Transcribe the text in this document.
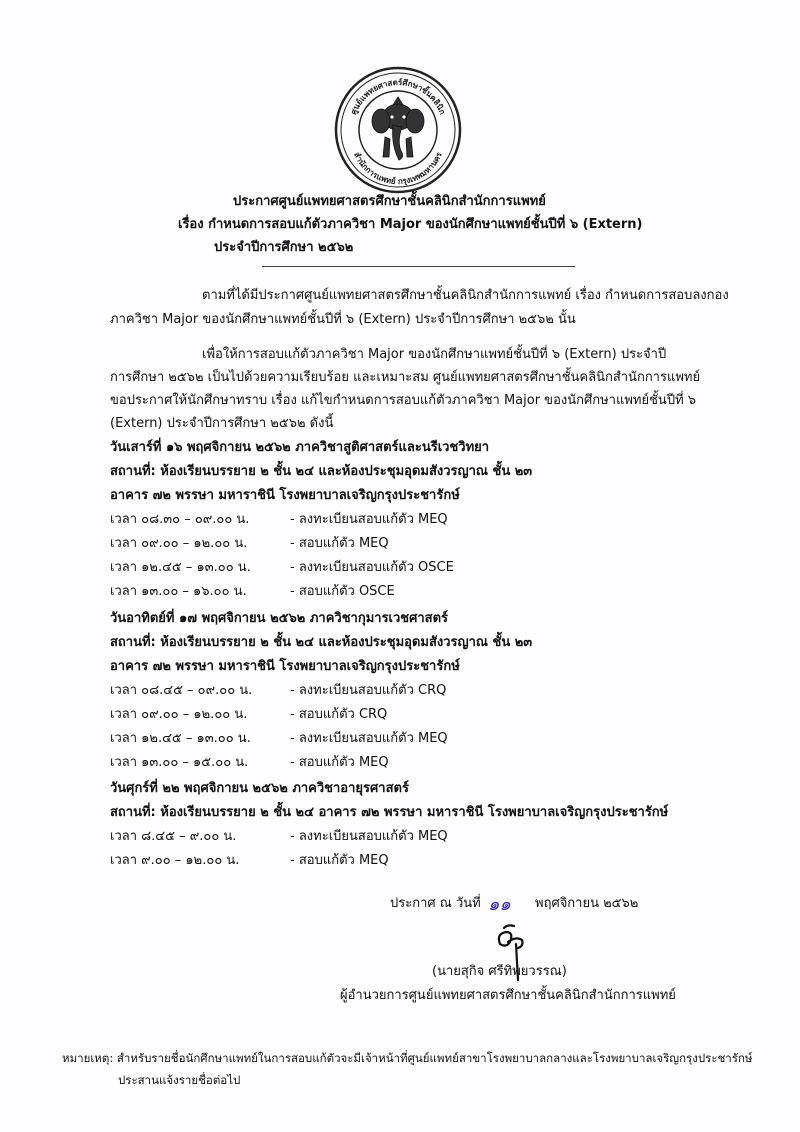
ศูนย์แพทยศาสตร์ศึกษาชั้นคลินิก
สำนักการแพทย์ กรุงเทพมหานคร
ประกาศศูนย์แพทยศาสตรศึกษาชั้นคลินิกสำนักการแพทย์
เรื่อง กำหนดการสอบแก้ตัวภาควิชา Major ของนักศึกษาแพทย์ชั้นปีที่ ๖ (Extern)
ประจำปีการศึกษา ๒๕๖๒
ตามที่ได้มีประกาศศูนย์แพทยศาสตรศึกษาชั้นคลินิกสำนักการแพทย์ เรื่อง กำหนดการสอบลงกอง
ภาควิชา Major ของนักศึกษาแพทย์ชั้นปีที่ ๖ (Extern) ประจำปีการศึกษา ๒๕๖๒ นั้น
เพื่อให้การสอบแก้ตัวภาควิชา Major ของนักศึกษาแพทย์ชั้นปีที่ ๖ (Extern) ประจำปี
การศึกษา ๒๕๖๒ เป็นไปด้วยความเรียบร้อย และเหมาะสม ศูนย์แพทยศาสตรศึกษาชั้นคลินิกสำนักการแพทย์
ขอประกาศให้นักศึกษาทราบ เรื่อง แก้ไขกำหนดการสอบแก้ตัวภาควิชา Major ของนักศึกษาแพทย์ชั้นปีที่ ๖
(Extern) ประจำปีการศึกษา ๒๕๖๒ ดังนี้
วันเสาร์ที่ ๑๖ พฤศจิกายน ๒๕๖๒ ภาควิชาสูติศาสตร์และนรีเวชวิทยา
สถานที่: ห้องเรียนบรรยาย ๒ ชั้น ๒๔ และห้องประชุมอุดมสังวรญาณ ชั้น ๒๓
อาคาร ๗๒ พรรษา มหาราชินี โรงพยาบาลเจริญกรุงประชารักษ์
เวลา ๐๘.๓๐ – ๐๙.๐๐ น.	- ลงทะเบียนสอบแก้ตัว MEQ
เวลา ๐๙.๐๐ – ๑๒.๐๐ น.	- สอบแก้ตัว MEQ
เวลา ๑๒.๔๕ – ๑๓.๐๐ น.	- ลงทะเบียนสอบแก้ตัว OSCE
เวลา ๑๓.๐๐ – ๑๖.๐๐ น.	- สอบแก้ตัว OSCE
วันอาทิตย์ที่ ๑๗ พฤศจิกายน ๒๕๖๒ ภาควิชากุมารเวชศาสตร์
สถานที่: ห้องเรียนบรรยาย ๒ ชั้น ๒๔ และห้องประชุมอุดมสังวรญาณ ชั้น ๒๓
อาคาร ๗๒ พรรษา มหาราชินี โรงพยาบาลเจริญกรุงประชารักษ์
เวลา ๐๘.๔๕ – ๐๙.๐๐ น.	- ลงทะเบียนสอบแก้ตัว CRQ
เวลา ๐๙.๐๐ – ๑๒.๐๐ น.	- สอบแก้ตัว CRQ
เวลา ๑๒.๔๕ – ๑๓.๐๐ น.	- ลงทะเบียนสอบแก้ตัว MEQ
เวลา ๑๓.๐๐ – ๑๕.๐๐ น.	- สอบแก้ตัว MEQ
วันศุกร์ที่ ๒๒ พฤศจิกายน ๒๕๖๒ ภาควิชาอายุรศาสตร์
สถานที่: ห้องเรียนบรรยาย ๒ ชั้น ๒๔ อาคาร ๗๒ พรรษา มหาราชินี โรงพยาบาลเจริญกรุงประชารักษ์
เวลา ๘.๔๕ – ๙.๐๐ น.	- ลงทะเบียนสอบแก้ตัว MEQ
เวลา ๙.๐๐ – ๑๒.๐๐ น.	- สอบแก้ตัว MEQ
ประกาศ ณ วันที่ ๑๑ พฤศจิกายน ๒๕๖๒
(นายสุกิจ ศรีทิพยวรรณ)
ผู้อำนวยการศูนย์แพทยศาสตรศึกษาชั้นคลินิกสำนักการแพทย์
หมายเหตุ: สำหรับรายชื่อนักศึกษาแพทย์ในการสอบแก้ตัวจะมีเจ้าหน้าที่ศูนย์แพทย์สาขาโรงพยาบาลกลางและโรงพยาบาลเจริญกรุงประชารักษ์
ประสานแจ้งรายชื่อต่อไป
